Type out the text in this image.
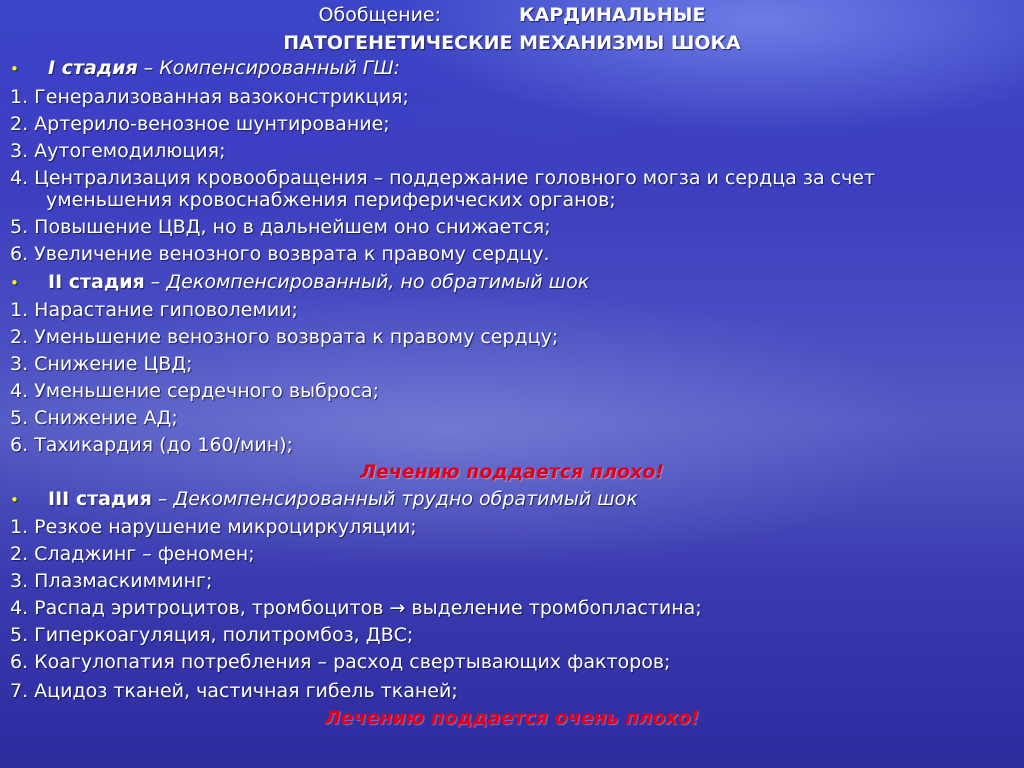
Обобщение:	КАРДИНАЛЬНЫЕ
ПАТОГЕНЕТИЧЕСКИЕ МЕХАНИЗМЫ ШОКА
• I стадия – Компенсированный ГШ:
1. Генерализованная вазоконстрикция;
2. Артерило-венозное шунтирование;
3. Аутогемодилюция;
4. Централизация кровообращения – поддержание головного могза и сердца за счет
уменьшения кровоснабжения периферических органов;
5. Повышение ЦВД, но в дальнейшем оно снижается;
6. Увеличение венозного возврата к правому сердцу.
• II стадия – Декомпенсированный, но обратимый шок
1. Нарастание гиповолемии;
2. Уменьшение венозного возврата к правому сердцу;
3. Снижение ЦВД;
4. Уменьшение сердечного выброса;
5. Снижение АД;
6. Тахикардия (до 160/мин);
Лечению поддается плохо!
• III стадия – Декомпенсированный трудно обратимый шок
1. Резкое нарушение микроциркуляции;
2. Сладжинг – феномен;
3. Плазмаскимминг;
4. Распад эритроцитов, тромбоцитов → выделение тромбопластина;
5. Гиперкоагуляция, политромбоз, ДВС;
6. Коагулопатия потребления – расход свертывающих факторов;
7. Ацидоз тканей, частичная гибель тканей;
Лечению поддается очень плохо!
